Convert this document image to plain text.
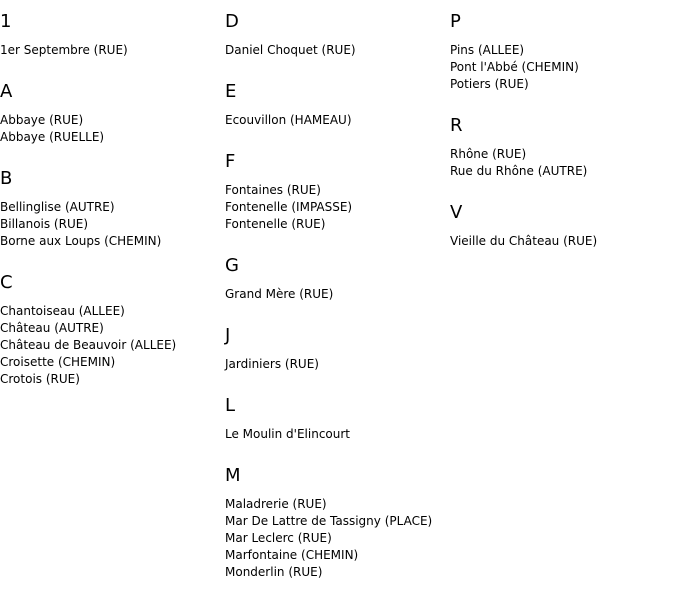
1
1er Septembre (RUE)
A
Abbaye (RUE)
Abbaye (RUELLE)
B
Bellinglise (AUTRE)
Billanois (RUE)
Borne aux Loups (CHEMIN)
C
Chantoiseau (ALLEE)
Château (AUTRE)
Château de Beauvoir (ALLEE)
Croisette (CHEMIN)
Crotois (RUE)
D
Daniel Choquet (RUE)
E
Ecouvillon (HAMEAU)
F
Fontaines (RUE)
Fontenelle (IMPASSE)
Fontenelle (RUE)
G
Grand Mère (RUE)
J
Jardiniers (RUE)
L
Le Moulin d'Elincourt
M
Maladrerie (RUE)
Mar De Lattre de Tassigny (PLACE)
Mar Leclerc (RUE)
Marfontaine (CHEMIN)
Monderlin (RUE)
P
Pins (ALLEE)
Pont l'Abbé (CHEMIN)
Potiers (RUE)
R
Rhône (RUE)
Rue du Rhône (AUTRE)
V
Vieille du Château (RUE)
